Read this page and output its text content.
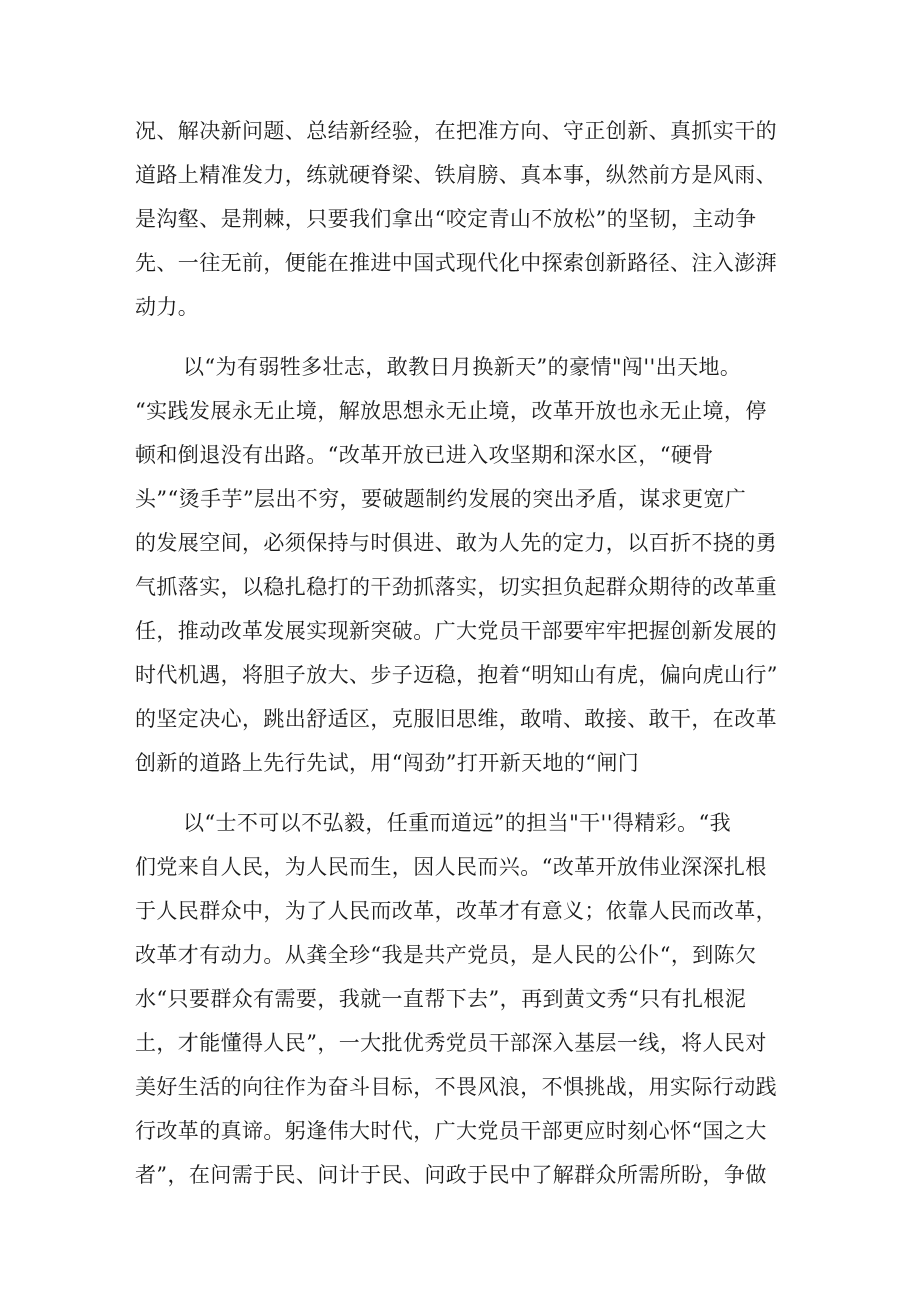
况、解决新问题、总结新经验，在把准方向、守正创新、真抓实干的
道路上精准发力，练就硬脊梁、铁肩膀、真本事，纵然前方是风雨、
是沟壑、是荆棘，只要我们拿出“咬定青山不放松”的坚韧，主动争
先、一往无前，便能在推进中国式现代化中探索创新路径、注入澎湃
动力。
以“为有弱牲多壮志，敢教日月换新天”的豪情"闯''出天地。
“实践发展永无止境，解放思想永无止境，改革开放也永无止境，停
顿和倒退没有出路。“改革开放已进入攻坚期和深水区，“硬骨
头”“烫手芋”层出不穷，要破题制约发展的突出矛盾，谋求更宽广
的发展空间，必须保持与时俱进、敢为人先的定力，以百折不挠的勇
气抓落实，以稳扎稳打的干劲抓落实，切实担负起群众期待的改革重
任，推动改革发展实现新突破。广大党员干部要牢牢把握创新发展的
时代机遇，将胆子放大、步子迈稳，抱着“明知山有虎，偏向虎山行”
的坚定决心，跳出舒适区，克服旧思维，敢啃、敢接、敢干，在改革
创新的道路上先行先试，用“闯劲”打开新天地的“闸门
以“士不可以不弘毅，任重而道远”的担当"干''得精彩。“我
们党来自人民，为人民而生，因人民而兴。“改革开放伟业深深扎根
于人民群众中，为了人民而改革，改革才有意义；依靠人民而改革，
改革才有动力。从龚全珍“我是共产党员，是人民的公仆“，到陈欠
水“只要群众有需要，我就一直帮下去”，再到黄文秀“只有扎根泥
土，才能懂得人民”，一大批优秀党员干部深入基层一线，将人民对
美好生活的向往作为奋斗目标，不畏风浪，不惧挑战，用实际行动践
行改革的真谛。躬逢伟大时代，广大党员干部更应时刻心怀“国之大
者”，在问需于民、问计于民、问政于民中了解群众所需所盼，争做
